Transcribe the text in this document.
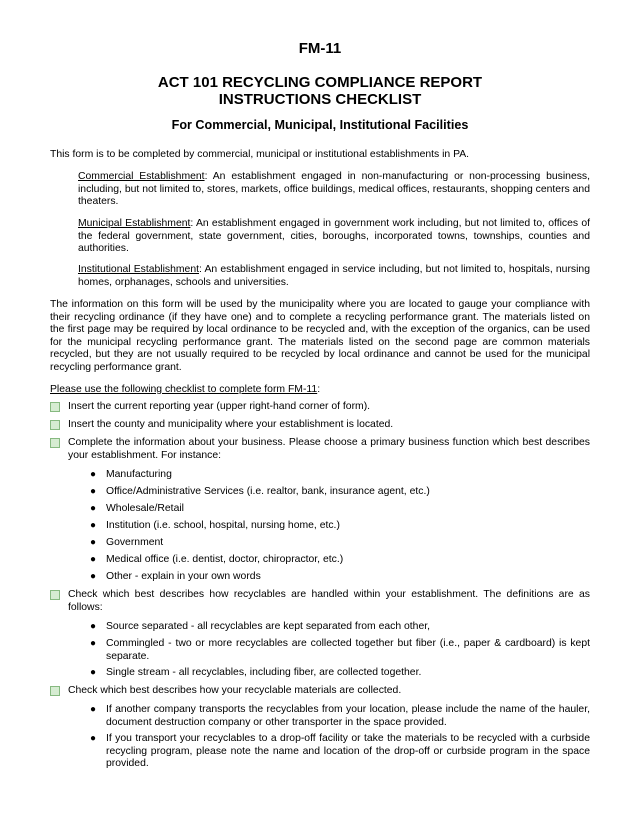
FM-11
ACT 101 RECYCLING COMPLIANCE REPORT
INSTRUCTIONS CHECKLIST
For Commercial, Municipal, Institutional Facilities
This form is to be completed by commercial, municipal or institutional establishments in PA.
Commercial Establishment: An establishment engaged in non-manufacturing or non-processing business, including, but not limited to, stores, markets, office buildings, medical offices, restaurants, shopping centers and theaters.
Municipal Establishment: An establishment engaged in government work including, but not limited to, offices of the federal government, state government, cities, boroughs, incorporated towns, townships, counties and authorities.
Institutional Establishment: An establishment engaged in service including, but not limited to, hospitals, nursing homes, orphanages, schools and universities.
The information on this form will be used by the municipality where you are located to gauge your compliance with their recycling ordinance (if they have one) and to complete a recycling performance grant. The materials listed on the first page may be required by local ordinance to be recycled and, with the exception of the organics, can be used for the municipal recycling performance grant. The materials listed on the second page are common materials recycled, but they are not usually required to be recycled by local ordinance and cannot be used for the municipal recycling performance grant.
Please use the following checklist to complete form FM-11:
Insert the current reporting year (upper right-hand corner of form).
Insert the county and municipality where your establishment is located.
Complete the information about your business. Please choose a primary business function which best describes your establishment. For instance:
● Manufacturing
● Office/Administrative Services (i.e. realtor, bank, insurance agent, etc.)
● Wholesale/Retail
● Institution (i.e. school, hospital, nursing home, etc.)
● Government
● Medical office (i.e. dentist, doctor, chiropractor, etc.)
● Other - explain in your own words
Check which best describes how recyclables are handled within your establishment. The definitions are as follows:
● Source separated - all recyclables are kept separated from each other,
● Commingled - two or more recyclables are collected together but fiber (i.e., paper & cardboard) is kept separate.
● Single stream - all recyclables, including fiber, are collected together.
Check which best describes how your recyclable materials are collected.
● If another company transports the recyclables from your location, please include the name of the hauler, document destruction company or other transporter in the space provided.
● If you transport your recyclables to a drop-off facility or take the materials to be recycled with a curbside recycling program, please note the name and location of the drop-off or curbside program in the space provided.
